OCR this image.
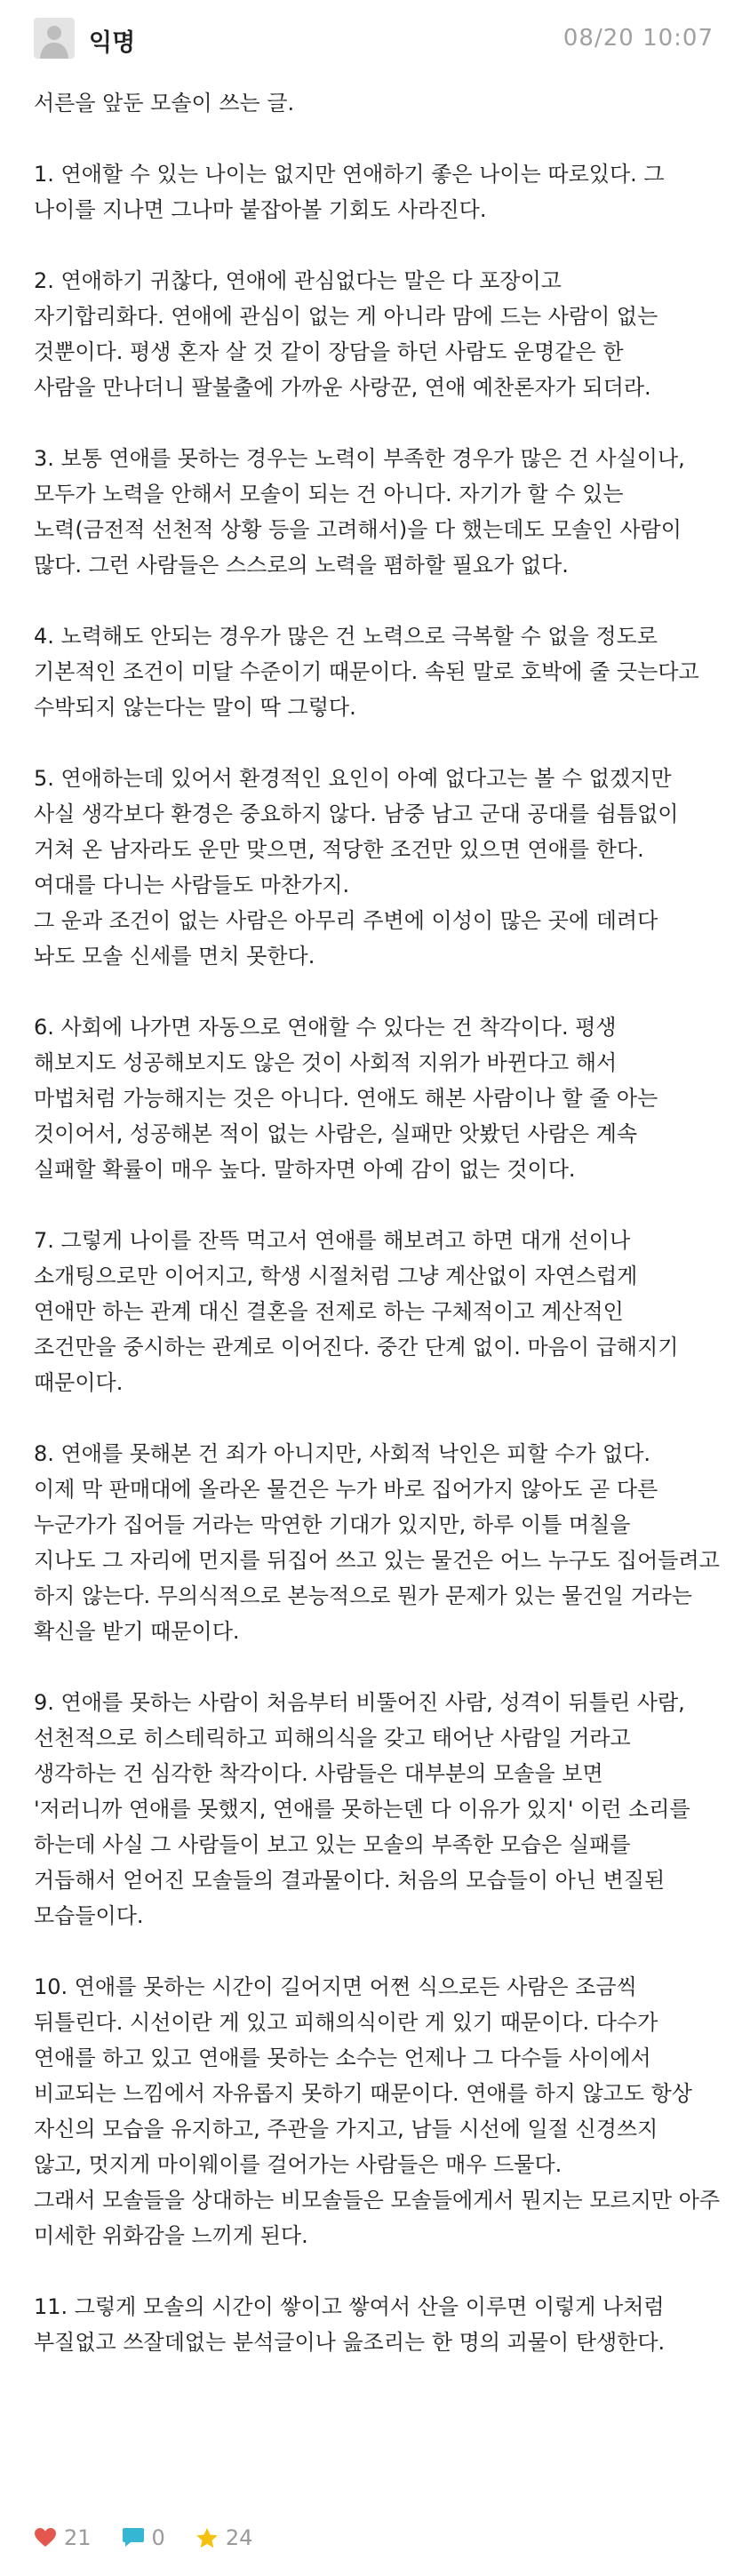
익명	08/20 10:07
서른을 앞둔 모솔이 쓰는 글.
1. 연애할 수 있는 나이는 없지만 연애하기 좋은 나이는 따로있다. 그
나이를 지나면 그나마 붙잡아볼 기회도 사라진다.
2. 연애하기 귀찮다, 연애에 관심없다는 말은 다 포장이고
자기합리화다. 연애에 관심이 없는 게 아니라 맘에 드는 사람이 없는
것뿐이다. 평생 혼자 살 것 같이 장담을 하던 사람도 운명같은 한
사람을 만나더니 팔불출에 가까운 사랑꾼, 연애 예찬론자가 되더라.
3. 보통 연애를 못하는 경우는 노력이 부족한 경우가 많은 건 사실이나,
모두가 노력을 안해서 모솔이 되는 건 아니다. 자기가 할 수 있는
노력(금전적 선천적 상황 등을 고려해서)을 다 했는데도 모솔인 사람이
많다. 그런 사람들은 스스로의 노력을 폄하할 필요가 없다.
4. 노력해도 안되는 경우가 많은 건 노력으로 극복할 수 없을 정도로
기본적인 조건이 미달 수준이기 때문이다. 속된 말로 호박에 줄 긋는다고
수박되지 않는다는 말이 딱 그렇다.
5. 연애하는데 있어서 환경적인 요인이 아예 없다고는 볼 수 없겠지만
사실 생각보다 환경은 중요하지 않다. 남중 남고 군대 공대를 쉼틈없이
거쳐 온 남자라도 운만 맞으면, 적당한 조건만 있으면 연애를 한다.
여대를 다니는 사람들도 마찬가지.
그 운과 조건이 없는 사람은 아무리 주변에 이성이 많은 곳에 데려다
놔도 모솔 신세를 면치 못한다.
6. 사회에 나가면 자동으로 연애할 수 있다는 건 착각이다. 평생
해보지도 성공해보지도 않은 것이 사회적 지위가 바뀐다고 해서
마법처럼 가능해지는 것은 아니다. 연애도 해본 사람이나 할 줄 아는
것이어서, 성공해본 적이 없는 사람은, 실패만 앗봤던 사람은 계속
실패할 확률이 매우 높다. 말하자면 아예 감이 없는 것이다.
7. 그렇게 나이를 잔뜩 먹고서 연애를 해보려고 하면 대개 선이나
소개팅으로만 이어지고, 학생 시절처럼 그냥 계산없이 자연스럽게
연애만 하는 관계 대신 결혼을 전제로 하는 구체적이고 계산적인
조건만을 중시하는 관계로 이어진다. 중간 단계 없이. 마음이 급해지기
때문이다.
8. 연애를 못해본 건 죄가 아니지만, 사회적 낙인은 피할 수가 없다.
이제 막 판매대에 올라온 물건은 누가 바로 집어가지 않아도 곧 다른
누군가가 집어들 거라는 막연한 기대가 있지만, 하루 이틀 며칠을
지나도 그 자리에 먼지를 뒤집어 쓰고 있는 물건은 어느 누구도 집어들려고
하지 않는다. 무의식적으로 본능적으로 뭔가 문제가 있는 물건일 거라는
확신을 받기 때문이다.
9. 연애를 못하는 사람이 처음부터 비뚤어진 사람, 성격이 뒤틀린 사람,
선천적으로 히스테릭하고 피해의식을 갖고 태어난 사람일 거라고
생각하는 건 심각한 착각이다. 사람들은 대부분의 모솔을 보면
'저러니까 연애를 못했지, 연애를 못하는덴 다 이유가 있지' 이런 소리를
하는데 사실 그 사람들이 보고 있는 모솔의 부족한 모습은 실패를
거듭해서 얻어진 모솔들의 결과물이다. 처음의 모습들이 아닌 변질된
모습들이다.
10. 연애를 못하는 시간이 길어지면 어쩐 식으로든 사람은 조금씩
뒤틀린다. 시선이란 게 있고 피해의식이란 게 있기 때문이다. 다수가
연애를 하고 있고 연애를 못하는 소수는 언제나 그 다수들 사이에서
비교되는 느낌에서 자유롭지 못하기 때문이다. 연애를 하지 않고도 항상
자신의 모습을 유지하고, 주관을 가지고, 남들 시선에 일절 신경쓰지
않고, 멋지게 마이웨이를 걸어가는 사람들은 매우 드물다.
그래서 모솔들을 상대하는 비모솔들은 모솔들에게서 뭔지는 모르지만 아주
미세한 위화감을 느끼게 된다.
11. 그렇게 모솔의 시간이 쌓이고 쌓여서 산을 이루면 이렇게 나처럼
부질없고 쓰잘데없는 분석글이나 읊조리는 한 명의 괴물이 탄생한다.
21	0	24
